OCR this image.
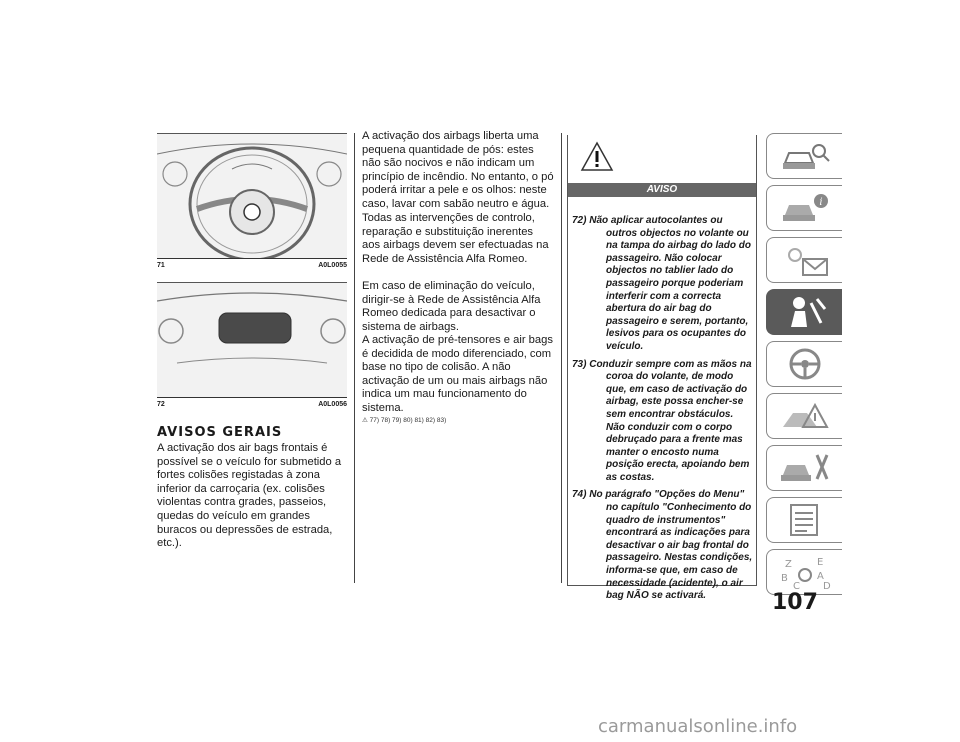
71	A0L0055
72	A0L0056
AVISOS GERAIS

A activação dos air bags frontais é possível se o veículo for submetido a fortes colisões registadas à zona inferior da carroçaria (ex. colisões violentas contra grades, passeios, quedas do veículo em grandes buracos ou depressões de estrada, etc.).

A activação dos airbags liberta uma pequena quantidade de pós: estes não são nocivos e não indicam um princípio de incêndio. No entanto, o pó poderá irritar a pele e os olhos: neste caso, lavar com sabão neutro e água.

Todas as intervenções de controlo, reparação e substituição inerentes aos airbags devem ser efectuadas na Rede de Assistência Alfa Romeo.

Em caso de eliminação do veículo, dirigir-se à Rede de Assistência Alfa Romeo dedicada para desactivar o sistema de airbags.

A activação de pré-tensores e air bags é decidida de modo diferenciado, com base no tipo de colisão. A não activação de um ou mais airbags não indica um mau funcionamento do sistema.

⚠ 77) 78) 79) 80) 81) 82) 83)
AVISO
72) Não aplicar autocolantes ou outros objectos no volante ou na tampa do airbag do lado do passageiro. Não colocar objectos no tablier lado do passageiro porque poderiam interferir com a correcta abertura do air bag do passageiro e serem, portanto, lesivos para os ocupantes do veículo.
73) Conduzir sempre com as mãos na coroa do volante, de modo que, em caso de activação do airbag, este possa encher-se sem encontrar obstáculos. Não conduzir com o corpo debruçado para a frente mas manter o encosto numa posição erecta, apoiando bem as costas.
74) No parágrafo "Opções do Menu" no capítulo "Conhecimento do quadro de instrumentos" encontrará as indicações para desactivar o air bag frontal do passageiro. Nestas condições, informa-se que, em caso de necessidade (acidente), o air bag NÃO se activará.
i
Z	E
B	A
C D
107
carmanualsonline.info
